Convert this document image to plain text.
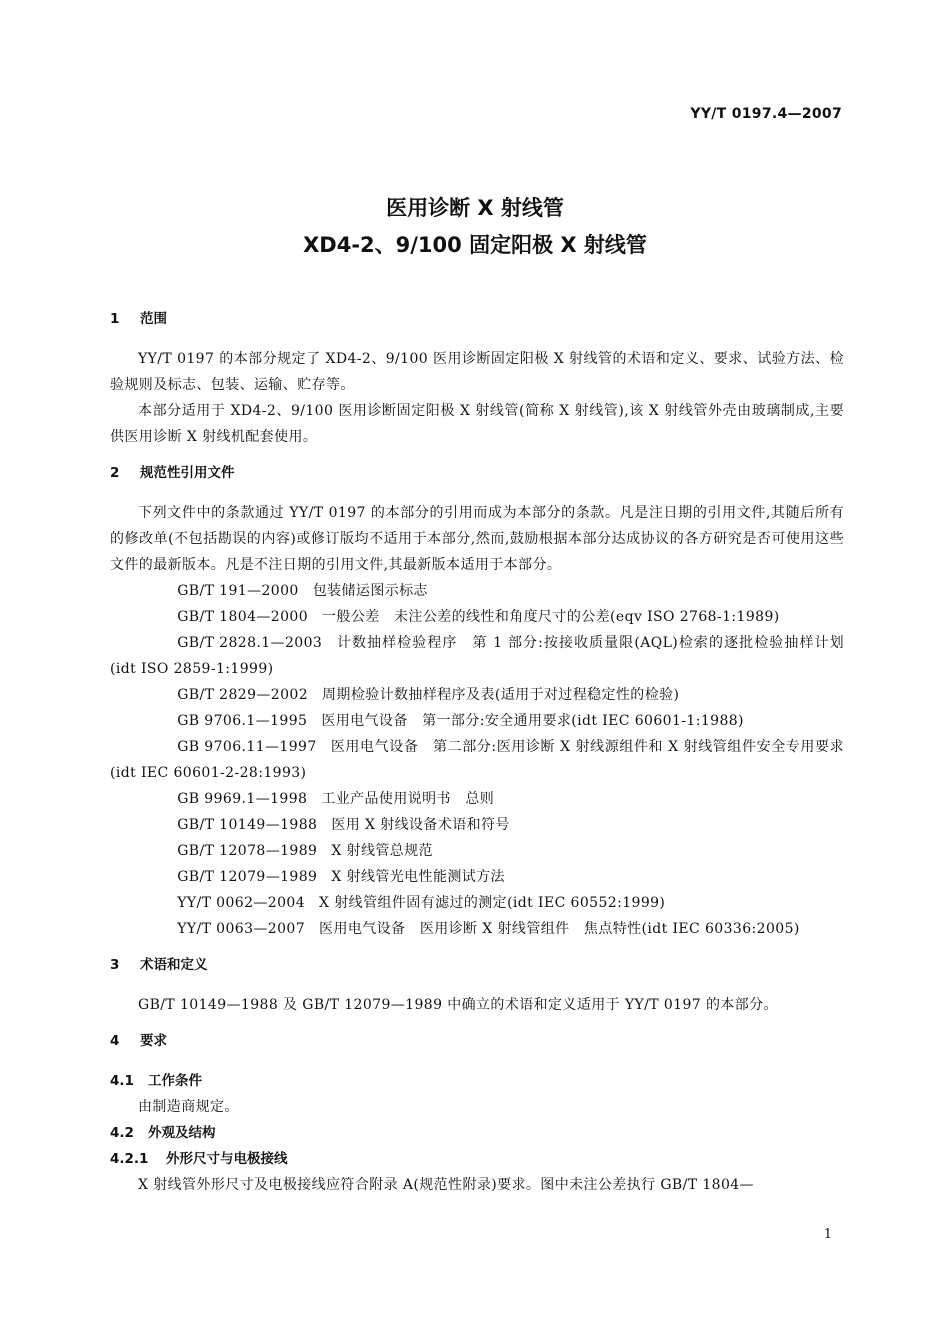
YY/T 0197.4—2007
医用诊断 X 射线管
XD4-2、9/100 固定阳极 X 射线管
1 范围

YY/T 0197 的本部分规定了 XD4-2、9/100 医用诊断固定阳极 X 射线管的术语和定义、要求、试验方法、检验规则及标志、包装、运输、贮存等。

本部分适用于 XD4-2、9/100 医用诊断固定阳极 X 射线管(简称 X 射线管),该 X 射线管外壳由玻璃制成,主要供医用诊断 X 射线机配套使用。

2 规范性引用文件

下列文件中的条款通过 YY/T 0197 的本部分的引用而成为本部分的条款。凡是注日期的引用文件,其随后所有的修改单(不包括勘误的内容)或修订版均不适用于本部分,然而,鼓励根据本部分达成协议的各方研究是否可使用这些文件的最新版本。凡是不注日期的引用文件,其最新版本适用于本部分。

GB/T 191—2000 包装储运图示标志

GB/T 1804—2000 一般公差　未注公差的线性和角度尺寸的公差(eqv ISO 2768-1:1989)

GB/T 2828.1—2003 计数抽样检验程序　第 1 部分:按接收质量限(AQL)检索的逐批检验抽样计划(idt ISO 2859-1:1999)

GB/T 2829—2002 周期检验计数抽样程序及表(适用于对过程稳定性的检验)

GB 9706.1—1995 医用电气设备　第一部分:安全通用要求(idt IEC 60601-1:1988)

GB 9706.11—1997 医用电气设备　第二部分:医用诊断 X 射线源组件和 X 射线管组件安全专用要求(idt IEC 60601-2-28:1993)

GB 9969.1—1998 工业产品使用说明书　总则

GB/T 10149—1988 医用 X 射线设备术语和符号

GB/T 12078—1989 X 射线管总规范

GB/T 12079—1989 X 射线管光电性能测试方法

YY/T 0062—2004 X 射线管组件固有滤过的测定(idt IEC 60552:1999)

YY/T 0063—2007 医用电气设备　医用诊断 X 射线管组件　焦点特性(idt IEC 60336:2005)

3 术语和定义

GB/T 10149—1988 及 GB/T 12079—1989 中确立的术语和定义适用于 YY/T 0197 的本部分。

4 要求
4.1 工作条件

由制造商规定。

4.2 外观及结构
4.2.1 外形尺寸与电极接线

X 射线管外形尺寸及电极接线应符合附录 A(规范性附录)要求。图中未注公差执行 GB/T 1804—

1
